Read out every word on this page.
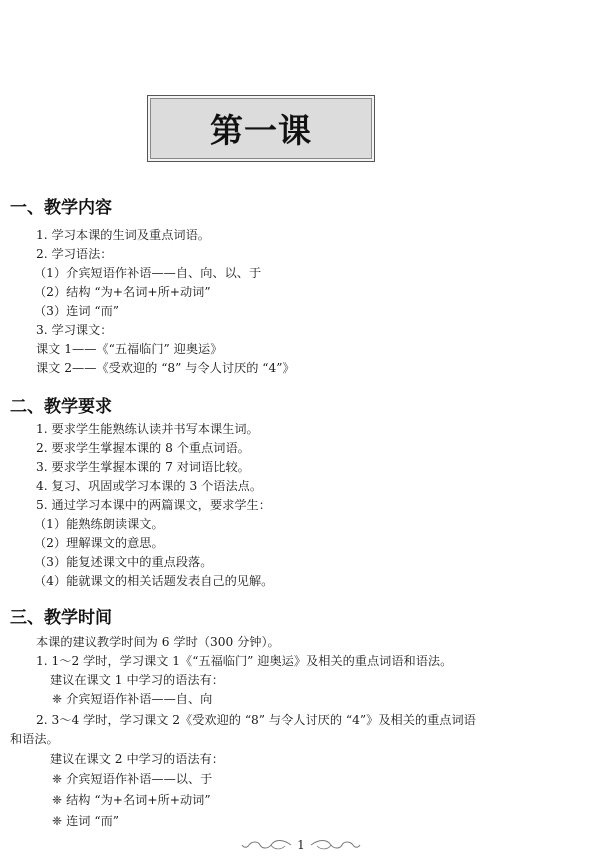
第一课
一、教学内容
1. 学习本课的生词及重点词语。
2. 学习语法：
（1）介宾短语作补语——自、向、以、于
（2）结构 “为+名词+所+动词”
（3）连词 “而”
3. 学习课文：
课文 1——《“五福临门” 迎奥运》
课文 2——《受欢迎的 “8” 与令人讨厌的 “4”》
二、教学要求
1. 要求学生能熟练认读并书写本课生词。
2. 要求学生掌握本课的 8 个重点词语。
3. 要求学生掌握本课的 7 对词语比较。
4. 复习、巩固或学习本课的 3 个语法点。
5. 通过学习本课中的两篇课文，要求学生：
（1）能熟练朗读课文。
（2）理解课文的意思。
（3）能复述课文中的重点段落。
（4）能就课文的相关话题发表自己的见解。
三、教学时间
本课的建议教学时间为 6 学时（300 分钟）。
1. 1～2 学时，学习课文 1《“五福临门” 迎奥运》及相关的重点词语和语法。
建议在课文 1 中学习的语法有：
❈ 介宾短语作补语——自、向
2. 3～4 学时，学习课文 2《受欢迎的 “8” 与令人讨厌的 “4”》及相关的重点词语
和语法。
建议在课文 2 中学习的语法有：
❈ 介宾短语作补语——以、于
❈ 结构 “为+名词+所+动词”
❈ 连词 “而”
1
